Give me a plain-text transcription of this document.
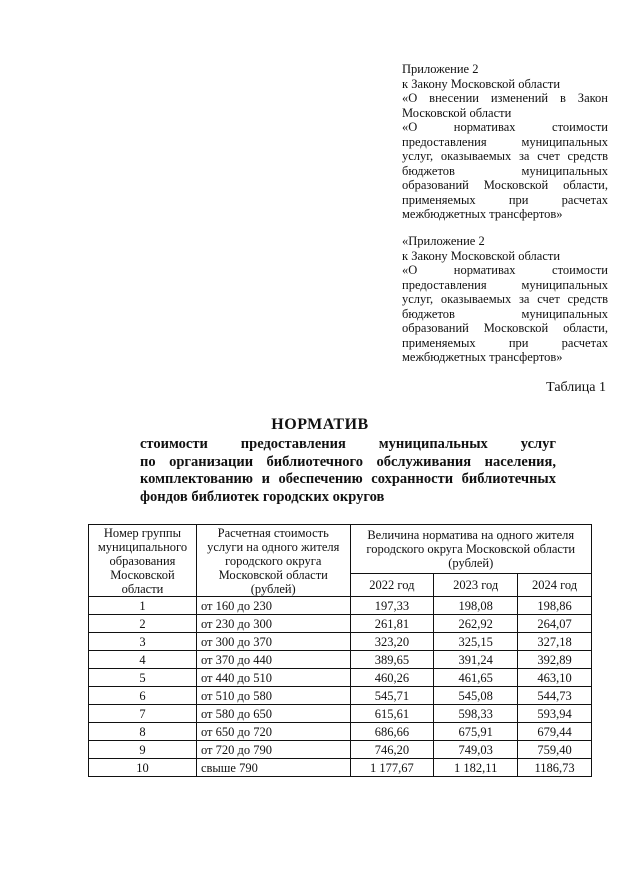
Приложение 2

к Закону Московской области

«О внесении изменений в Закон Московской области

«О нормативах стоимости предоставления муниципальных услуг, оказываемых за счет средств бюджетов муниципальных образований Московской области, применяемых при расчетах межбюджетных трансфертов»

«Приложение 2

к Закону Московской области

«О нормативах стоимости предоставления муниципальных услуг, оказываемых за счет средств бюджетов муниципальных образований Московской области, применяемых при расчетах межбюджетных трансфертов»

Таблица 1
НОРМАТИВ
стоимости предоставления муниципальных услуг
по организации библиотечного обслуживания населения,
комплектованию и обеспечению сохранности библиотечных
фондов библиотек городских округов
Номер группы муниципального образования Московской области	Расчетная стоимость услуги на одного жителя городского округа Московской области (рублей)	Величина норматива на одного жителя городского округа Московской области (рублей)		
		2022 год	2023 год	2024 год
1	от 160 до 230	197,33	198,08	198,86
2	от 230 до 300	261,81	262,92	264,07
3	от 300 до 370	323,20	325,15	327,18
4	от 370 до 440	389,65	391,24	392,89
5	от 440 до 510	460,26	461,65	463,10
6	от 510 до 580	545,71	545,08	544,73
7	от 580 до 650	615,61	598,33	593,94
8	от 650 до 720	686,66	675,91	679,44
9	от 720 до 790	746,20	749,03	759,40
10	свыше 790	1 177,67	1 182,11	1186,73
